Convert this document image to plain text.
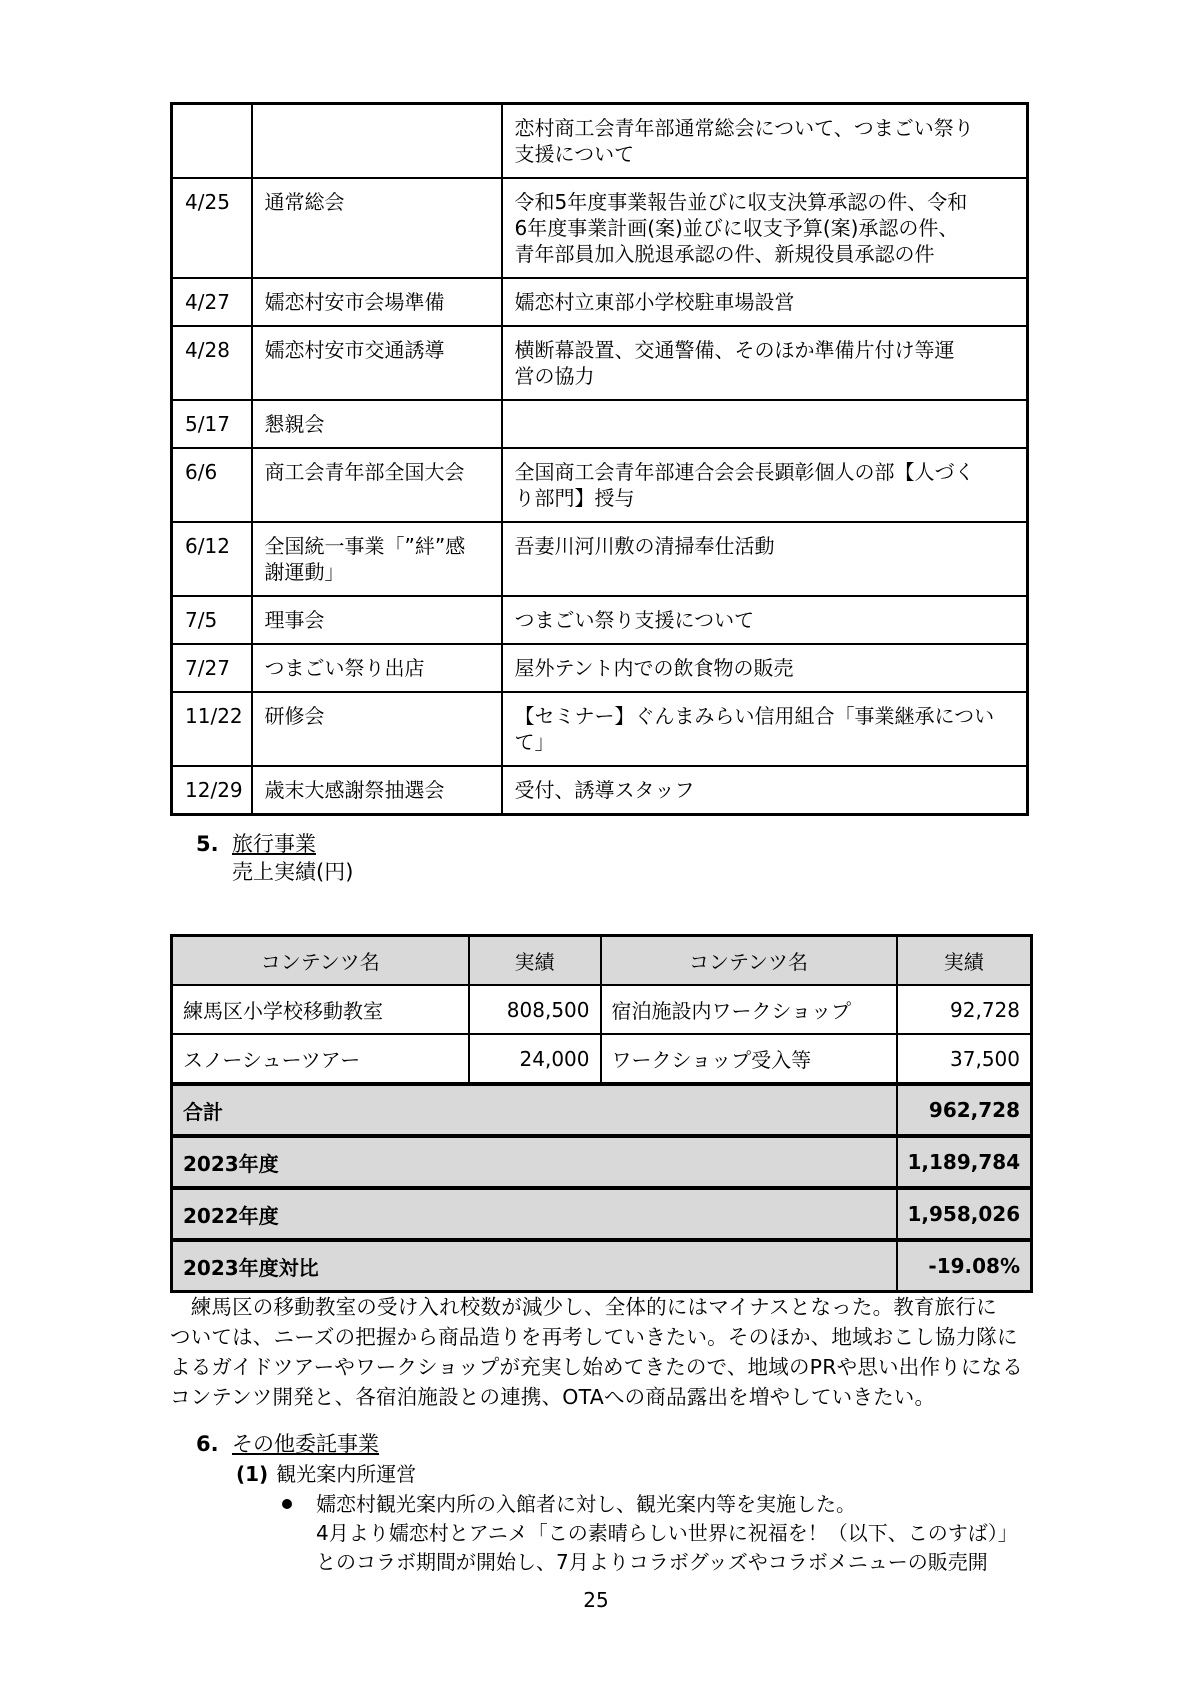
		恋村商工会青年部通常総会について、つまごい祭り
支援について

4/25	通常総会	令和5年度事業報告並びに収支決算承認の件、令和
6年度事業計画(案)並びに収支予算(案)承認の件、
青年部員加入脱退承認の件、新規役員承認の件

4/27	嬬恋村安市会場準備	嬬恋村立東部小学校駐車場設営

4/28	嬬恋村安市交通誘導	横断幕設置、交通警備、そのほか準備片付け等運
営の協力

5/17	懇親会	

6/6	商工会青年部全国大会	全国商工会青年部連合会会長顕彰個人の部【人づく
り部門】授与

6/12	全国統一事業「”絆”感
謝運動」	吾妻川河川敷の清掃奉仕活動

7/5	理事会	つまごい祭り支援について

7/27	つまごい祭り出店	屋外テント内での飲食物の販売

11/22	研修会	【セミナー】ぐんまみらい信用組合「事業継承につい
て」

12/29	歳末大感謝祭抽選会	受付、誘導スタッフ
5. 旅行事業
売上実績(円)
コンテンツ名	実績	コンテンツ名	実績
練馬区小学校移動教室	808,500	宿泊施設内ワークショップ	92,728
スノーシューツアー	24,000	ワークショップ受入等	37,500
合計			962,728
2023年度			1,189,784
2022年度			1,958,026
2023年度対比			-19.08%
　練馬区の移動教室の受け入れ校数が減少し、全体的にはマイナスとなった。教育旅行に
ついては、ニーズの把握から商品造りを再考していきたい。そのほか、地域おこし協力隊に
よるガイドツアーやワークショップが充実し始めてきたので、地域のPRや思い出作りになる
コンテンツ開発と、各宿泊施設との連携、OTAへの商品露出を増やしていきたい。
6. その他委託事業
(1) 観光案内所運営
嬬恋村観光案内所の入館者に対し、観光案内等を実施した。
4月より嬬恋村とアニメ「この素晴らしい世界に祝福を！（以下、このすば）」
とのコラボ期間が開始し、7月よりコラボグッズやコラボメニューの販売開
25
